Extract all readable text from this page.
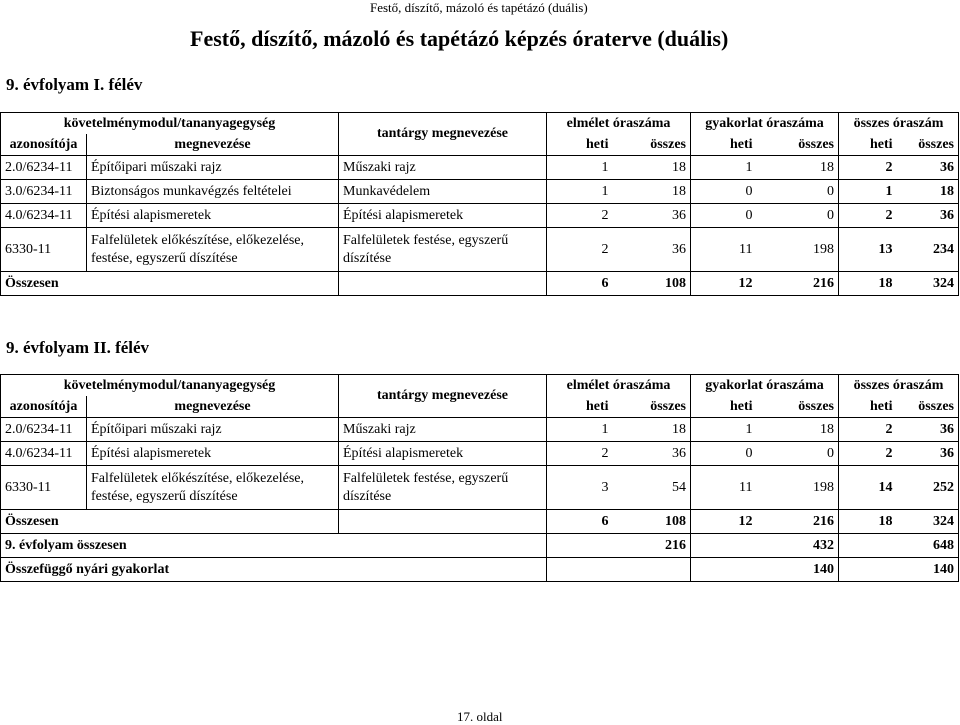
Festő, díszítő, mázoló és tapétázó (duális)
Festő, díszítő, mázoló és tapétázó képzés óraterve (duális)
9. évfolyam I. félév
követelménymodul/tananyagegység		tantárgy megnevezése	elmélet óraszáma		gyakorlat óraszáma		összes óraszám	
azonosítója	megnevezése		heti	összes	heti	összes	heti	összes
2.0/6234-11	Építőipari műszaki rajz	Műszaki rajz	1	18	1	18	2	36
3.0/6234-11	Biztonságos munkavégzés feltételei	Munkavédelem	1	18	0	0	1	18
4.0/6234-11	Építési alapismeretek	Építési alapismeretek	2	36	0	0	2	36
6330-11	Falfelületek előkészítése, előkezelése, festése, egyszerű díszítése	Falfelületek festése, egyszerű díszítése	2	36	11	198	13	234
Összesen			6	108	12	216	18	324
9. évfolyam II. félév
követelménymodul/tananyagegység		tantárgy megnevezése	elmélet óraszáma		gyakorlat óraszáma		összes óraszám	
azonosítója	megnevezése		heti	összes	heti	összes	heti	összes
2.0/6234-11	Építőipari műszaki rajz	Műszaki rajz	1	18	1	18	2	36
4.0/6234-11	Építési alapismeretek	Építési alapismeretek	2	36	0	0	2	36
6330-11	Falfelületek előkészítése, előkezelése, festése, egyszerű díszítése	Falfelületek festése, egyszerű díszítése	3	54	11	198	14	252
Összesen			6	108	12	216	18	324
9. évfolyam összesen				216		432		648
Összefüggő nyári gyakorlat						140		140
17. oldal
